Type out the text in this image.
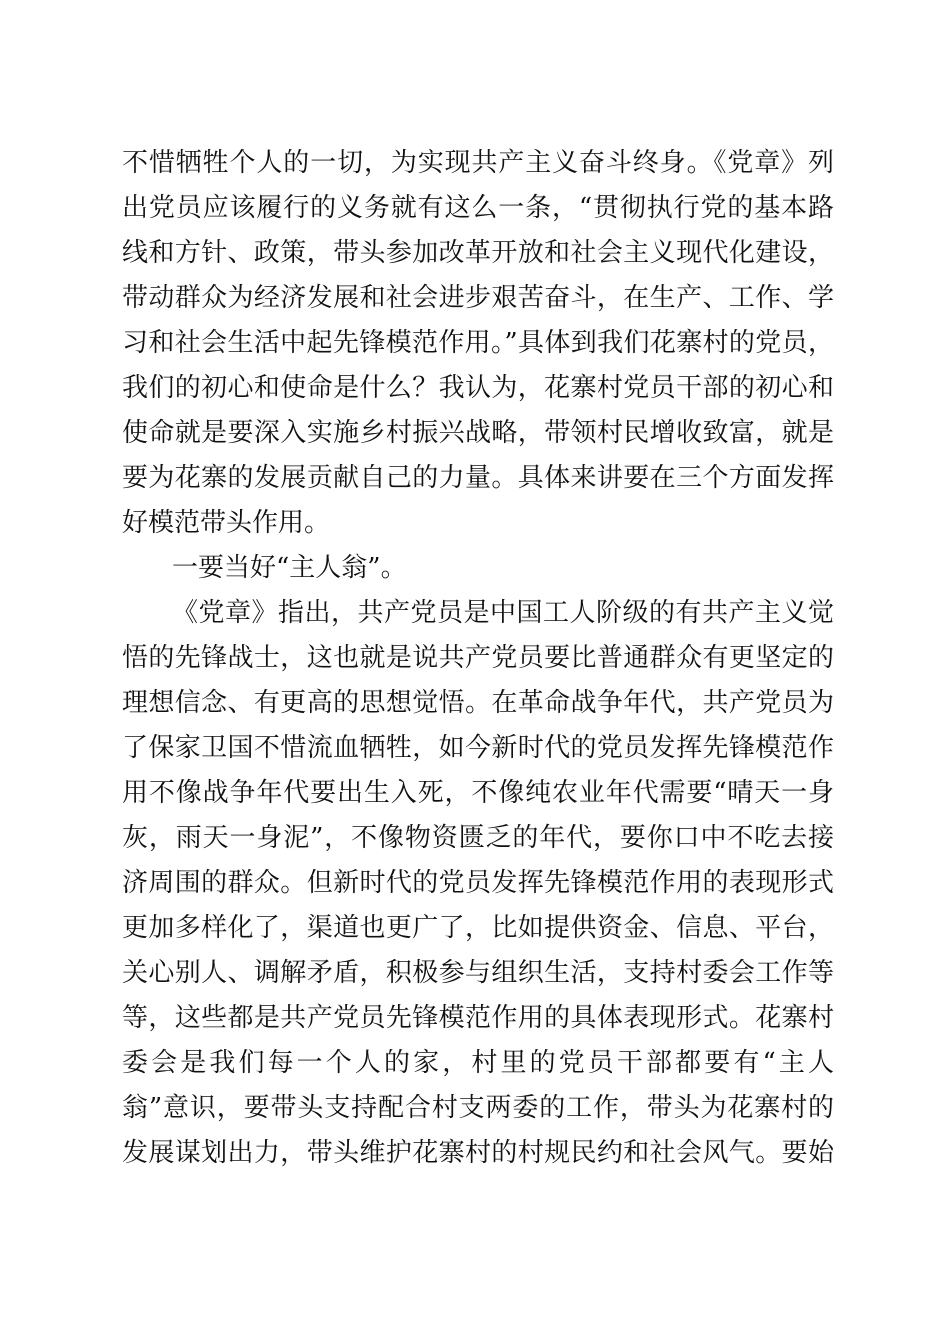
不惜牺牲个人的一切，为实现共产主义奋斗终身。《党章》列
出党员应该履行的义务就有这么一条，“贯彻执行党的基本路
线和方针、政策，带头参加改革开放和社会主义现代化建设，
带动群众为经济发展和社会进步艰苦奋斗，在生产、工作、学
习和社会生活中起先锋模范作用。”具体到我们花寨村的党员，
我们的初心和使命是什么？我认为，花寨村党员干部的初心和
使命就是要深入实施乡村振兴战略，带领村民增收致富，就是
要为花寨的发展贡献自己的力量。具体来讲要在三个方面发挥
好模范带头作用。
一要当好“主人翁”。
《党章》指出，共产党员是中国工人阶级的有共产主义觉
悟的先锋战士，这也就是说共产党员要比普通群众有更坚定的
理想信念、有更高的思想觉悟。在革命战争年代，共产党员为
了保家卫国不惜流血牺牲，如今新时代的党员发挥先锋模范作
用不像战争年代要出生入死，不像纯农业年代需要“晴天一身
灰，雨天一身泥”，不像物资匮乏的年代，要你口中不吃去接
济周围的群众。但新时代的党员发挥先锋模范作用的表现形式
更加多样化了，渠道也更广了，比如提供资金、信息、平台，
关心别人、调解矛盾，积极参与组织生活，支持村委会工作等
等，这些都是共产党员先锋模范作用的具体表现形式。花寨村
委会是我们每一个人的家，村里的党员干部都要有“主人
翁”意识，要带头支持配合村支两委的工作，带头为花寨村的
发展谋划出力，带头维护花寨村的村规民约和社会风气。要始
